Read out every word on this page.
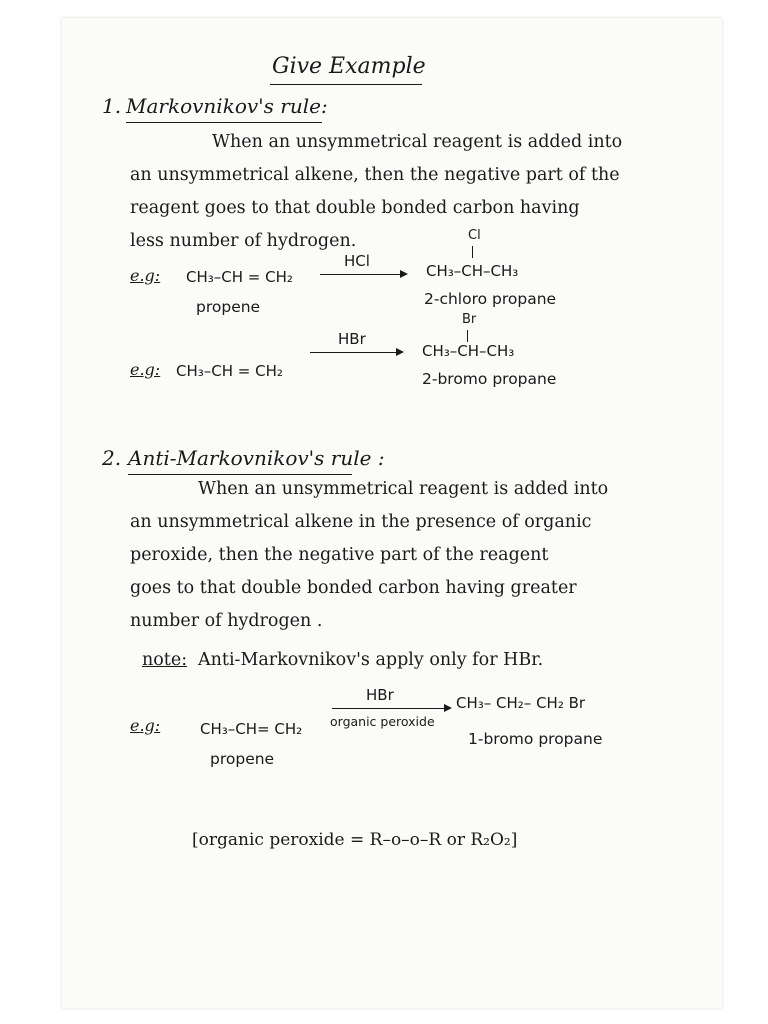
Give Example
1. Markovnikov's rule:
When an unsymmetrical reagent is added into
an unsymmetrical alkene, then the negative part of the
reagent goes to that double bonded carbon having
less number of hydrogen.
e.g: CH₃–CH = CH₂
propene
HCl
Cl
CH₃–CH–CH₃
2-chloro propane
e.g: CH₃–CH = CH₂
HBr
Br
CH₃–CH–CH₃
2-bromo propane
2. Anti-Markovnikov's rule :
When an unsymmetrical reagent is added into
an unsymmetrical alkene in the presence of organic
peroxide, then the negative part of the reagent
goes to that double bonded carbon having greater
number of hydrogen .
note: Anti-Markovnikov's apply only for HBr.
e.g:	CH₃–CH= CH₂
propene
HBr
organic peroxide
CH₃– CH₂– CH₂ Br
1-bromo propane
[organic peroxide = R–o–o–R or R₂O₂]
